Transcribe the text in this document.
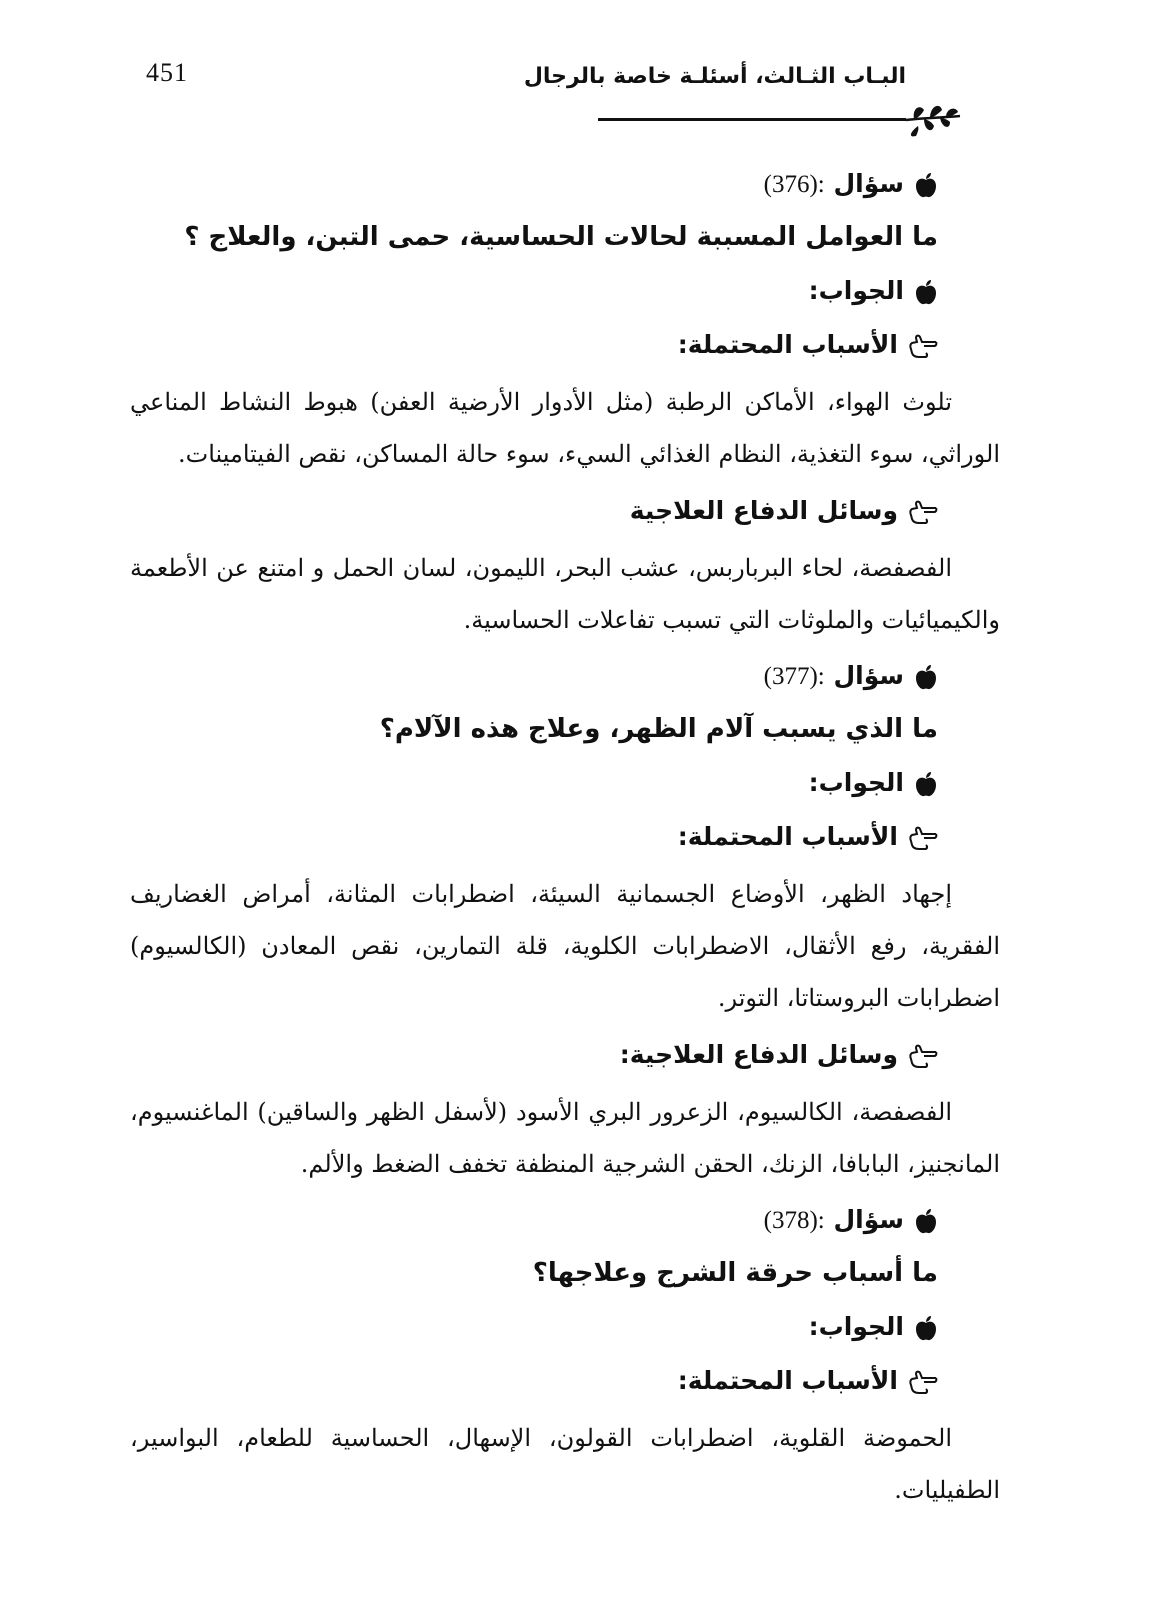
451	البـاب الثـالث، أسئلـة خاصة بالرجال
سؤال (376):
ما العوامل المسببة لحالات الحساسية، حمى التبن، والعلاج ؟
الجواب:
الأسباب المحتملة:
تلوث الهواء، الأماكن الرطبة (مثل الأدوار الأرضية العفن) هبوط النشاط المناعي الوراثي، سوء التغذية، النظام الغذائي السيء، سوء حالة المساكن، نقص الفيتامينات.
وسائل الدفاع العلاجية
الفصفصة، لحاء البرباربس، عشب البحر، الليمون، لسان الحمل و امتنع عن الأطعمة والكيميائيات والملوثات التي تسبب تفاعلات الحساسية.
سؤال (377):
ما الذي يسبب آلام الظهر، وعلاج هذه الآلام؟
الجواب:
الأسباب المحتملة:
إجهاد الظهر، الأوضاع الجسمانية السيئة، اضطرابات المثانة، أمراض الغضاريف الفقرية، رفع الأثقال، الاضطرابات الكلوية، قلة التمارين، نقص المعادن (الكالسيوم) اضطرابات البروستاتا، التوتر.
وسائل الدفاع العلاجية:
الفصفصة، الكالسيوم، الزعرور البري الأسود (لأسفل الظهر والساقين) الماغنسيوم، المانجنيز، البابافا، الزنك، الحقن الشرجية المنظفة تخفف الضغط والألم.
سؤال (378):
ما أسباب حرقة الشرج وعلاجها؟
الجواب:
الأسباب المحتملة:
الحموضة القلوية، اضطرابات القولون، الإسهال، الحساسية للطعام، البواسير، الطفيليات.
